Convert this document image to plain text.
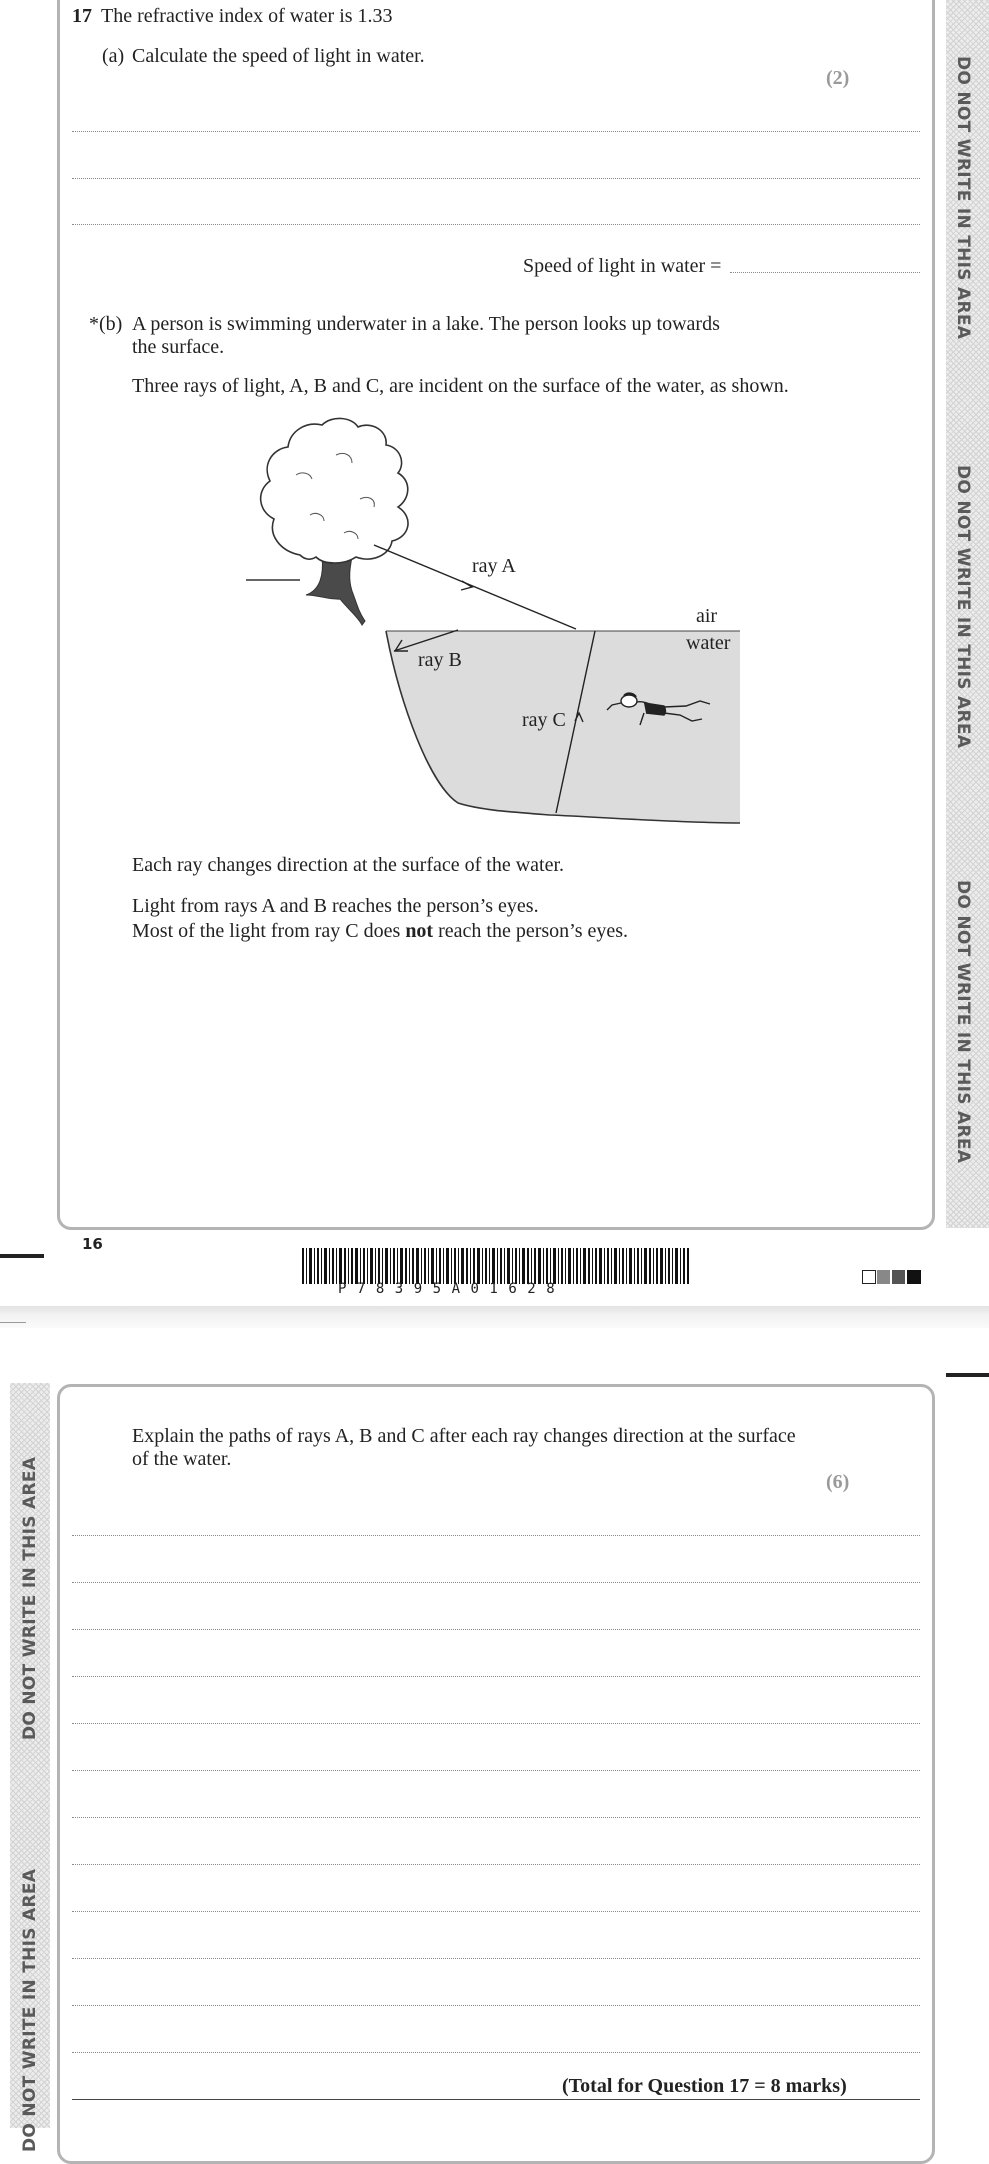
17 The refractive index of water is 1.33
(a) Calculate the speed of light in water.
(2)
Speed of light in water =
*(b) A person is swimming underwater in a lake. The person looks up towards
the surface.
Three rays of light, A, B and C, are incident on the surface of the water, as shown.
ray A
ray B
ray C
air
water
Each ray changes direction at the surface of the water.
Light from rays A and B reaches the person’s eyes.
Most of the light from ray C does not reach the person’s eyes.
DO NOT WRITE IN THIS AREA
DO NOT WRITE IN THIS AREA
DO NOT WRITE IN THIS AREA
16
P78395A01628
DO NOT WRITE IN THIS AREA
DO NOT WRITE IN THIS AREA
Explain the paths of rays A, B and C after each ray changes direction at the surface
of the water.
(6)
(Total for Question 17 = 8 marks)
